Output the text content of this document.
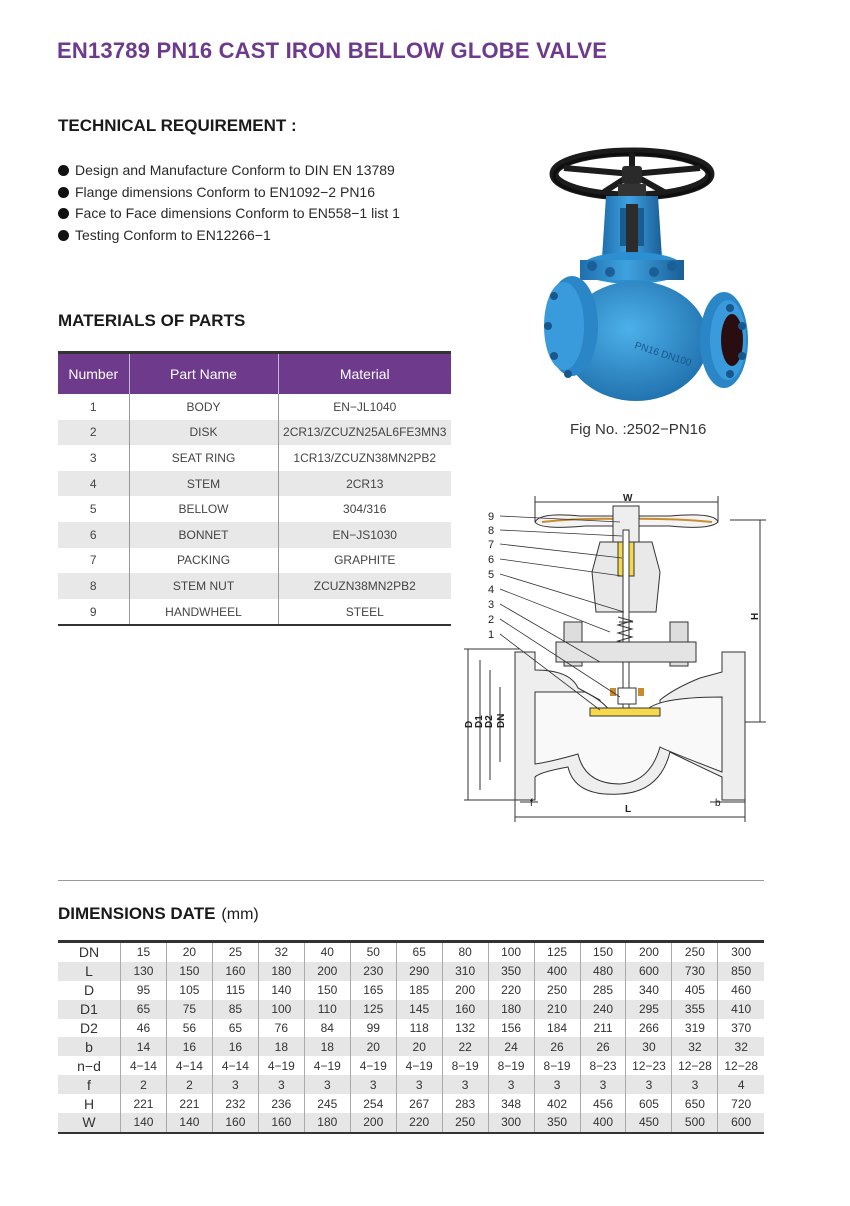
EN13789 PN16 CAST IRON BELLOW GLOBE VALVE
TECHNICAL REQUIREMENT :
Design and Manufacture Conform to DIN EN 13789
Flange dimensions Conform to EN1092−2 PN16
Face to Face dimensions Conform to EN558−1 list 1
Testing Conform to EN12266−1
MATERIALS OF PARTS
Number	Part Name	Material
1	BODY	EN−JL1040
2	DISK	2CR13/ZCUZN25AL6FE3MN3
3	SEAT RING	1CR13/ZCUZN38MN2PB2
4	STEM	2CR13
5	BELLOW	304/316
6	BONNET	EN−JS1030
7	PACKING	GRAPHITE
8	STEM NUT	ZCUZN38MN2PB2
9	HANDWHEEL	STEEL
PN16 DN100
Fig No. :2502−PN16
9
8
7
6
5
4
3
2
1
W
H
D D1 D2 DN
L
f	b
DIMENSIONS DATE (mm)
DN	15	20	25	32	40	50	65	80	100	125	150	200	250	300
L	130	150	160	180	200	230	290	310	350	400	480	600	730	850
D	95	105	115	140	150	165	185	200	220	250	285	340	405	460
D1	65	75	85	100	110	125	145	160	180	210	240	295	355	410
D2	46	56	65	76	84	99	118	132	156	184	211	266	319	370
b	14	16	16	18	18	20	20	22	24	26	26	30	32	32
n−d	4−14	4−14	4−14	4−19	4−19	4−19	4−19	8−19	8−19	8−19	8−23	12−23	12−28	12−28
f	2	2	3	3	3	3	3	3	3	3	3	3	3	4
H	221	221	232	236	245	254	267	283	348	402	456	605	650	720
W	140	140	160	160	180	200	220	250	300	350	400	450	500	600
